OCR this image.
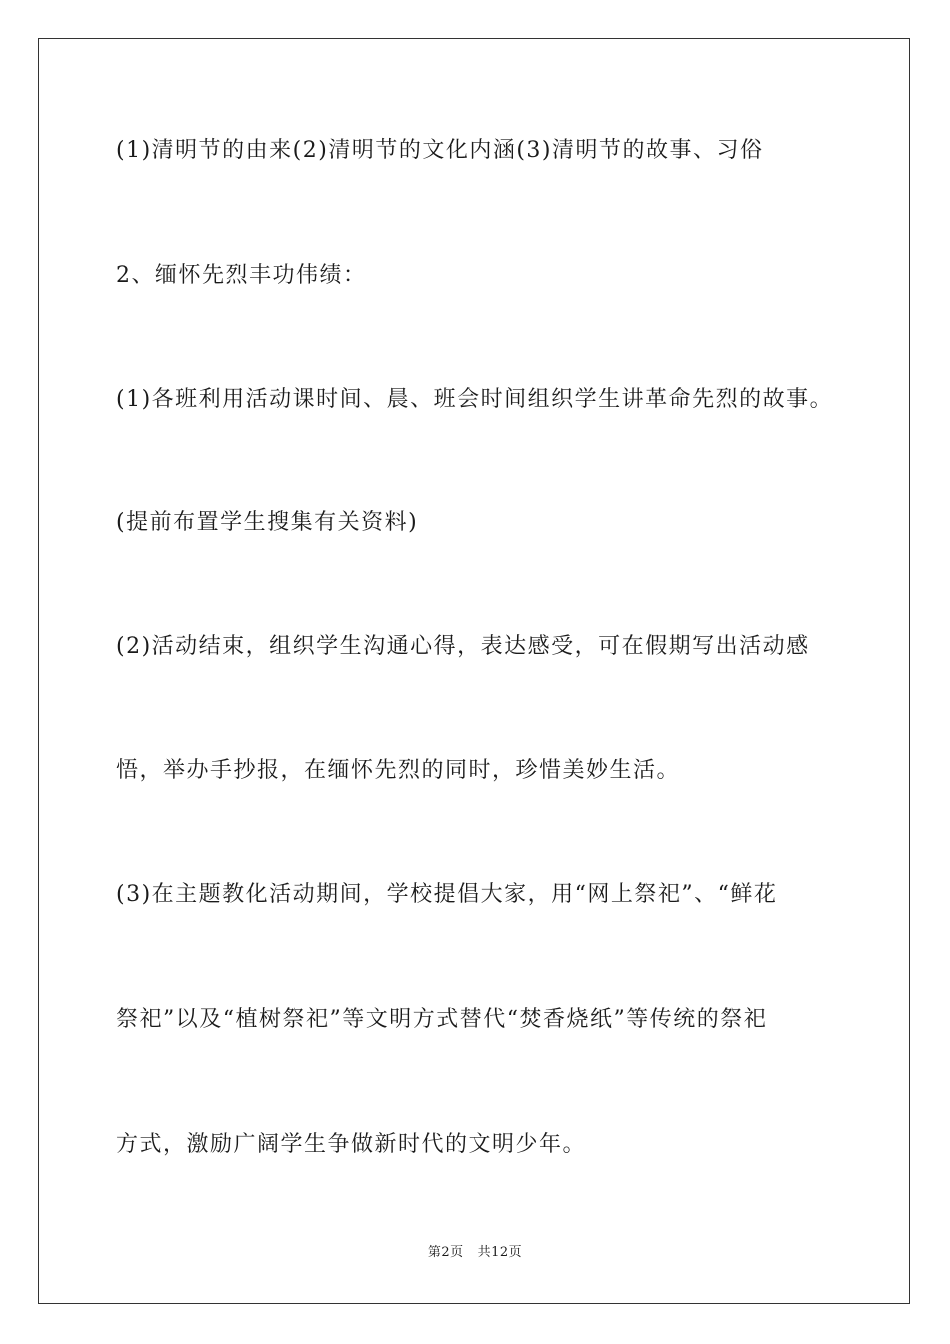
(1)清明节的由来(2)清明节的文化内涵(3)清明节的故事、习俗
2、缅怀先烈丰功伟绩：
(1)各班利用活动课时间、晨、班会时间组织学生讲革命先烈的故事。
(提前布置学生搜集有关资料)
(2)活动结束，组织学生沟通心得，表达感受，可在假期写出活动感
悟，举办手抄报，在缅怀先烈的同时，珍惜美妙生活。
(3)在主题教化活动期间，学校提倡大家，用“网上祭祀”、“鲜花
祭祀”以及“植树祭祀”等文明方式替代“焚香烧纸”等传统的祭祀
方式，激励广阔学生争做新时代的文明少年。
第2页 共12页
